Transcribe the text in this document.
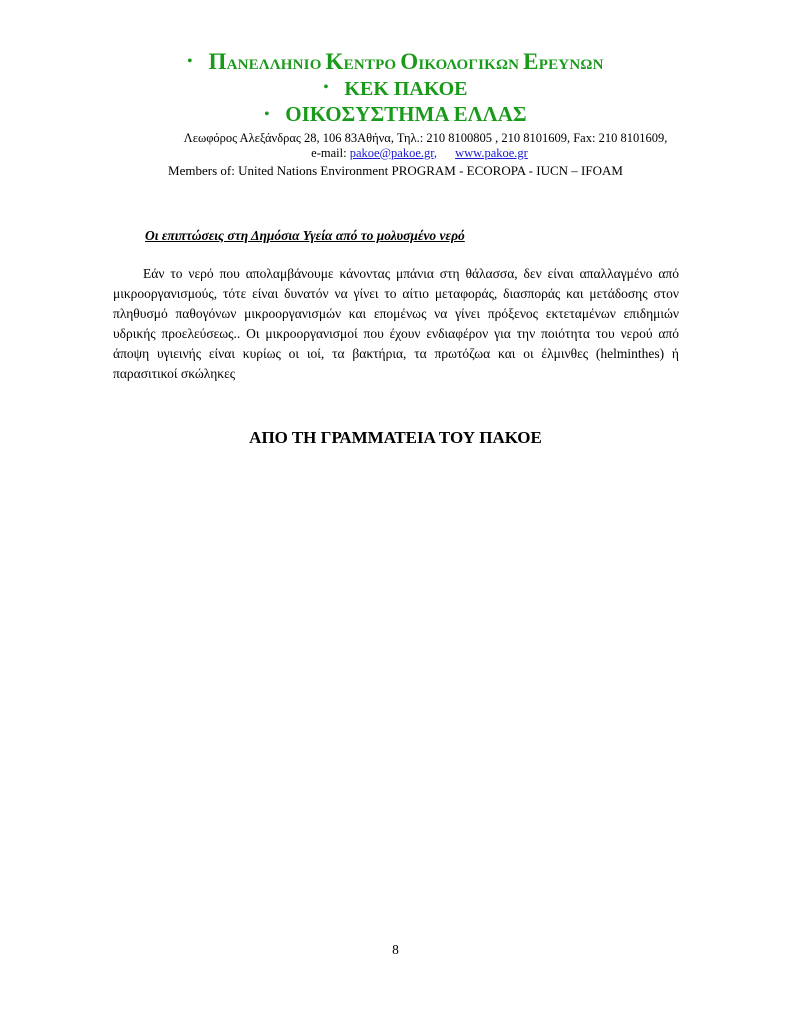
• ΠΑΝΕΛΛΗΝΙΟ ΚΕΝΤΡΟ ΟΙΚΟΛΟΓΙΚΩΝ ΕΡΕΥΝΩΝ
• ΚΕΚ ΠΑΚΟΕ
• ΟΙΚΟΣΥΣΤΗΜΑ ΕΛΛΑΣ
Λεωφόρος Αλεξάνδρας 28, 106 83Αθήνα, Τηλ.: 210 8100805 , 210 8101609, Fax: 210 8101609,
e-mail: pakoe@pakoe.gr, www.pakoe.gr
Members of: United Nations Environment PROGRAM - ECOROPA - IUCN – IFOAM
Οι επιπτώσεις στη Δημόσια Υγεία από το μολυσμένο νερό
Εάν το νερό που απολαμβάνουμε κάνοντας μπάνια στη θάλασσα, δεν είναι απαλλαγμένο από μικροοργανισμούς, τότε είναι δυνατόν να γίνει το αίτιο μεταφοράς, διασποράς και μετάδοσης στον πληθυσμό παθογόνων μικροοργανισμών και επομένως να γίνει πρόξενος εκτεταμένων επιδημιών υδρικής προελεύσεως.. Οι μικροοργανισμοί που έχουν ενδιαφέρον για την ποιότητα του νερού από άποψη υγιεινής είναι κυρίως οι ιοί, τα βακτήρια, τα πρωτόζωα και οι έλμινθες (helminthes) ή παρασιτικοί σκώληκες
ΑΠΟ ΤΗ ΓΡΑΜΜΑΤΕΙΑ ΤΟΥ ΠΑΚΟΕ
8
